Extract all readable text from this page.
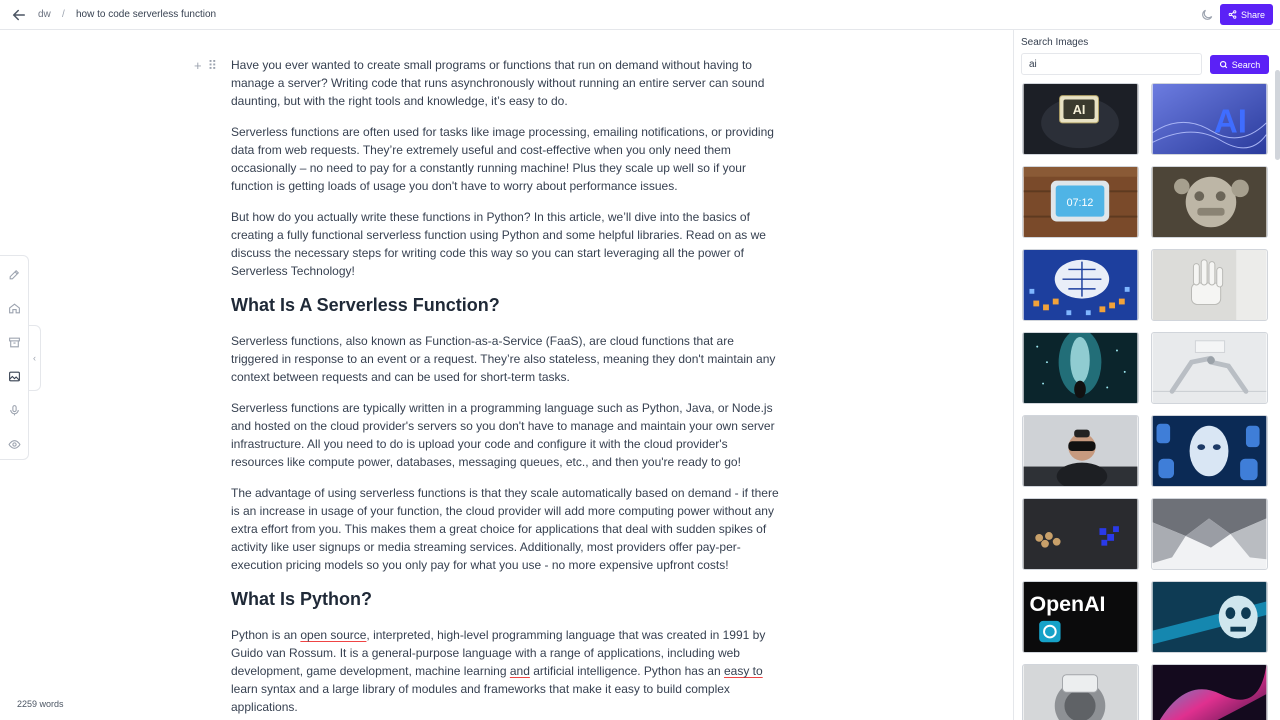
dw / how to code serverless function	Share
‹
+ ⠿ Have you ever wanted to create small programs or functions that run on demand without having to manage a server? Writing code that runs asynchronously without running an entire server can sound daunting, but with the right tools and knowledge, it’s easy to do.

Serverless functions are often used for tasks like image processing, emailing notifications, or providing data from web requests. They’re extremely useful and cost-effective when you only need them occasionally – no need to pay for a constantly running machine! Plus they scale up well so if your function is getting loads of usage you don't have to worry about performance issues.

But how do you actually write these functions in Python? In this article, we’ll dive into the basics of creating a fully functional serverless function using Python and some helpful libraries. Read on as we discuss the necessary steps for writing code this way so you can start leveraging all the power of Serverless Technology!

What Is A Serverless Function?

Serverless functions, also known as Function-as-a-Service (FaaS), are cloud functions that are triggered in response to an event or a request. They’re also stateless, meaning they don't maintain any context between requests and can be used for short-term tasks.

Serverless functions are typically written in a programming language such as Python, Java, or Node.js and hosted on the cloud provider's servers so you don't have to manage and maintain your own server infrastructure. All you need to do is upload your code and configure it with the cloud provider's resources like compute power, databases, messaging queues, etc., and then you're ready to go!

The advantage of using serverless functions is that they scale automatically based on demand - if there is an increase in usage of your function, the cloud provider will add more computing power without any extra effort from you. This makes them a great choice for applications that deal with sudden spikes of activity like user signups or media streaming services. Additionally, most providers offer pay-per-execution pricing models so you only pay for what you use - no more expensive upfront costs!

What Is Python?

Python is an open source, interpreted, high-level programming language that was created in 1991 by Guido van Rossum. It is a general-purpose language with a range of applications, including web development, game development, machine learning and artificial intelligence. Python has an easy to learn syntax and a large library of modules and frameworks that make it easy to build complex applications.

2259 words
Search Images
ai
Search
AI	AI
07:12
OpenAI
